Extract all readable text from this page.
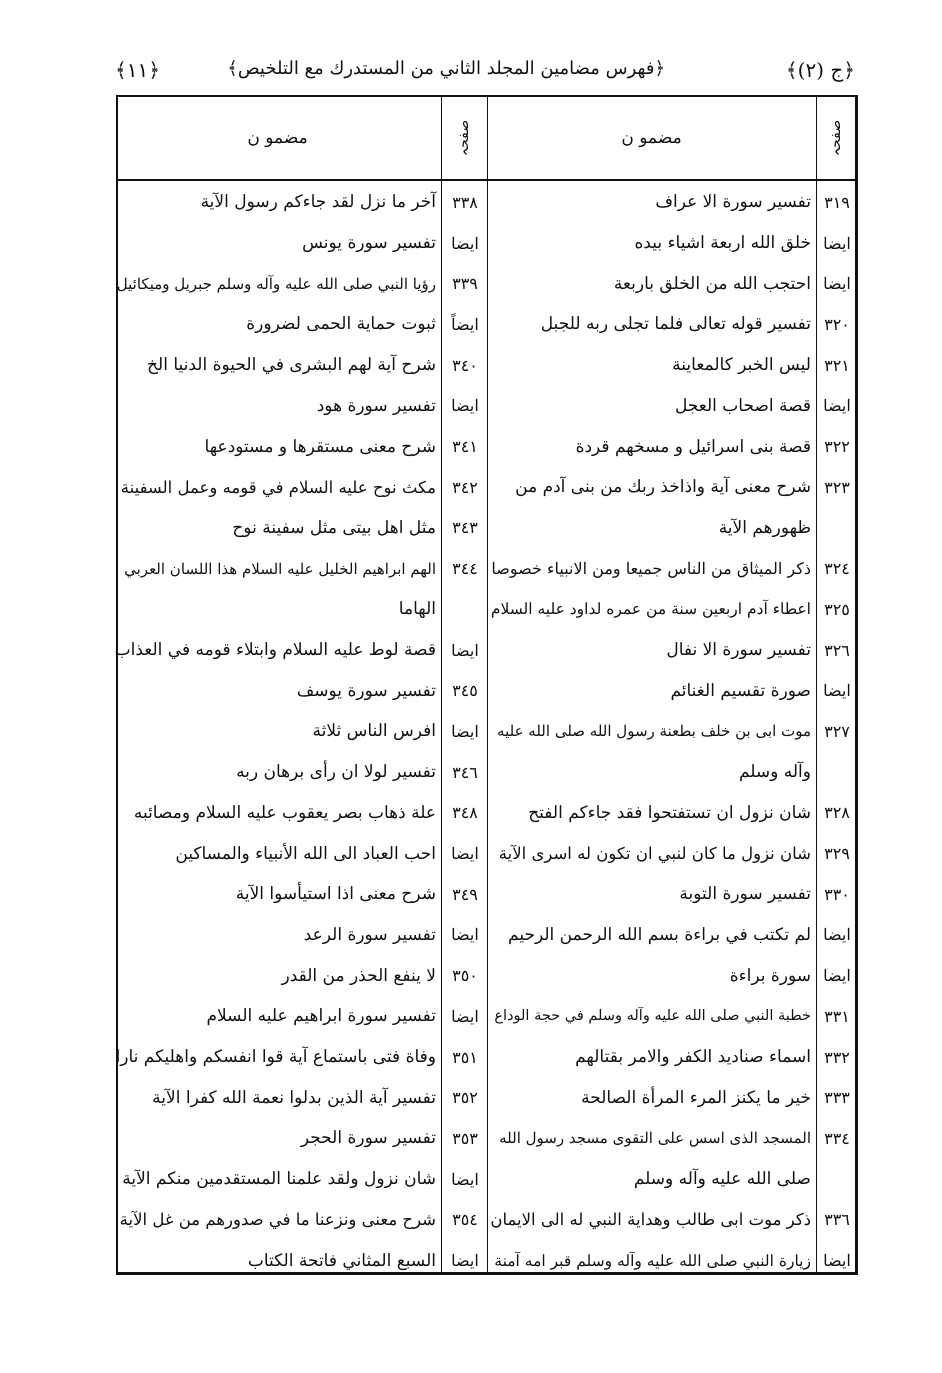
﴿ج (٢)﴾
﴿فهرس مضامين المجلد الثاني من المستدرك مع التلخيص﴾
﴿١١﴾
صفحہ
مضمو ن
صفحہ
مضمو ن
٣١٩
تفسير سورة الا عراف
٣٣٨
آخر ما نزل لقد جاءكم رسول الآية
ايضا
خلق الله اربعة اشياء بيده
ايضا
تفسير سورة يونس
ايضا
احتجب الله من الخلق باربعة
٣٣٩
رؤيا النبي صلى الله عليه وآله وسلم جبريل وميكائيل
٣٢٠
تفسير قوله تعالى فلما تجلى ربه للجبل
ايضاً
ثبوت حماية الحمى لضرورة
٣٢١
ليس الخبر كالمعاينة
٣٤٠
شرح آية لهم البشرى في الحيوة الدنيا الخ
ايضا
قصة اصحاب العجل
ايضا
تفسير سورة هود
٣٢٢
قصة بنى اسرائيل و مسخهم قردة
٣٤١
شرح معنى مستقرها و مستودعها
٣٢٣
شرح معنى آية واذاخذ ربك من بنى آدم من
٣٤٢
مكث نوح عليه السلام في قومه وعمل السفينة
ظهورهم الآية
٣٤٣
مثل اهل بيتى مثل سفينة نوح
٣٢٤
ذكر الميثاق من الناس جميعا ومن الانبياء خصوصا
٣٤٤
الهم ابراهيم الخليل عليه السلام هذا اللسان العربي
٣٢٥
اعطاء آدم اربعين سنة من عمره لداود عليه السلام
الهاما
٣٢٦
تفسير سورة الا نفال
ايضا
قصة لوط عليه السلام وابتلاء قومه في العذاب
ايضا
صورة تقسيم الغنائم
٣٤٥
تفسير سورة يوسف
٣٢٧
موت ابى بن خلف بطعنة رسول الله صلى الله عليه
ايضا
افرس الناس ثلاثة
وآله وسلم
٣٤٦
تفسير لولا ان رأى برهان ربه
٣٢٨
شان نزول ان تستفتحوا فقد جاءكم الفتح
٣٤٨
علة ذهاب بصر يعقوب عليه السلام ومصائبه
٣٢٩
شان نزول ما كان لنبي ان تكون له اسرى الآية
ايضا
احب العباد الى الله الأنبياء والمساكين
٣٣٠
تفسير سورة التوبة
٣٤٩
شرح معنى اذا استيأسوا الآية
ايضا
لم تكتب في براءة بسم الله الرحمن الرحيم
ايضا
تفسير سورة الرعد
ايضا
سورة براءة
٣٥٠
لا ينفع الحذر من القدر
٣٣١
خطبة النبي صلى الله عليه وآله وسلم في حجة الوداع
ايضا
تفسير سورة ابراهيم عليه السلام
٣٣٢
اسماء صناديد الكفر والامر بقتالهم
٣٥١
وفاة فتى باستماع آية قوا انفسكم واهليكم نارا
٣٣٣
خير ما يكنز المرء المرأة الصالحة
٣٥٢
تفسير آية الذين بدلوا نعمة الله كفرا الآية
٣٣٤
المسجد الذى اسس على التقوى مسجد رسول الله
٣٥٣
تفسير سورة الحجر
صلى الله عليه وآله وسلم
ايضا
شان نزول ولقد علمنا المستقدمين منكم الآية
٣٣٦
ذكر موت ابى طالب وهداية النبي له الى الايمان
٣٥٤
شرح معنى ونزعنا ما في صدورهم من غل الآية
ايضا
زيارة النبي صلى الله عليه وآله وسلم قبر امه آمنة
ايضا
السبع المثاني فاتحة الكتاب
